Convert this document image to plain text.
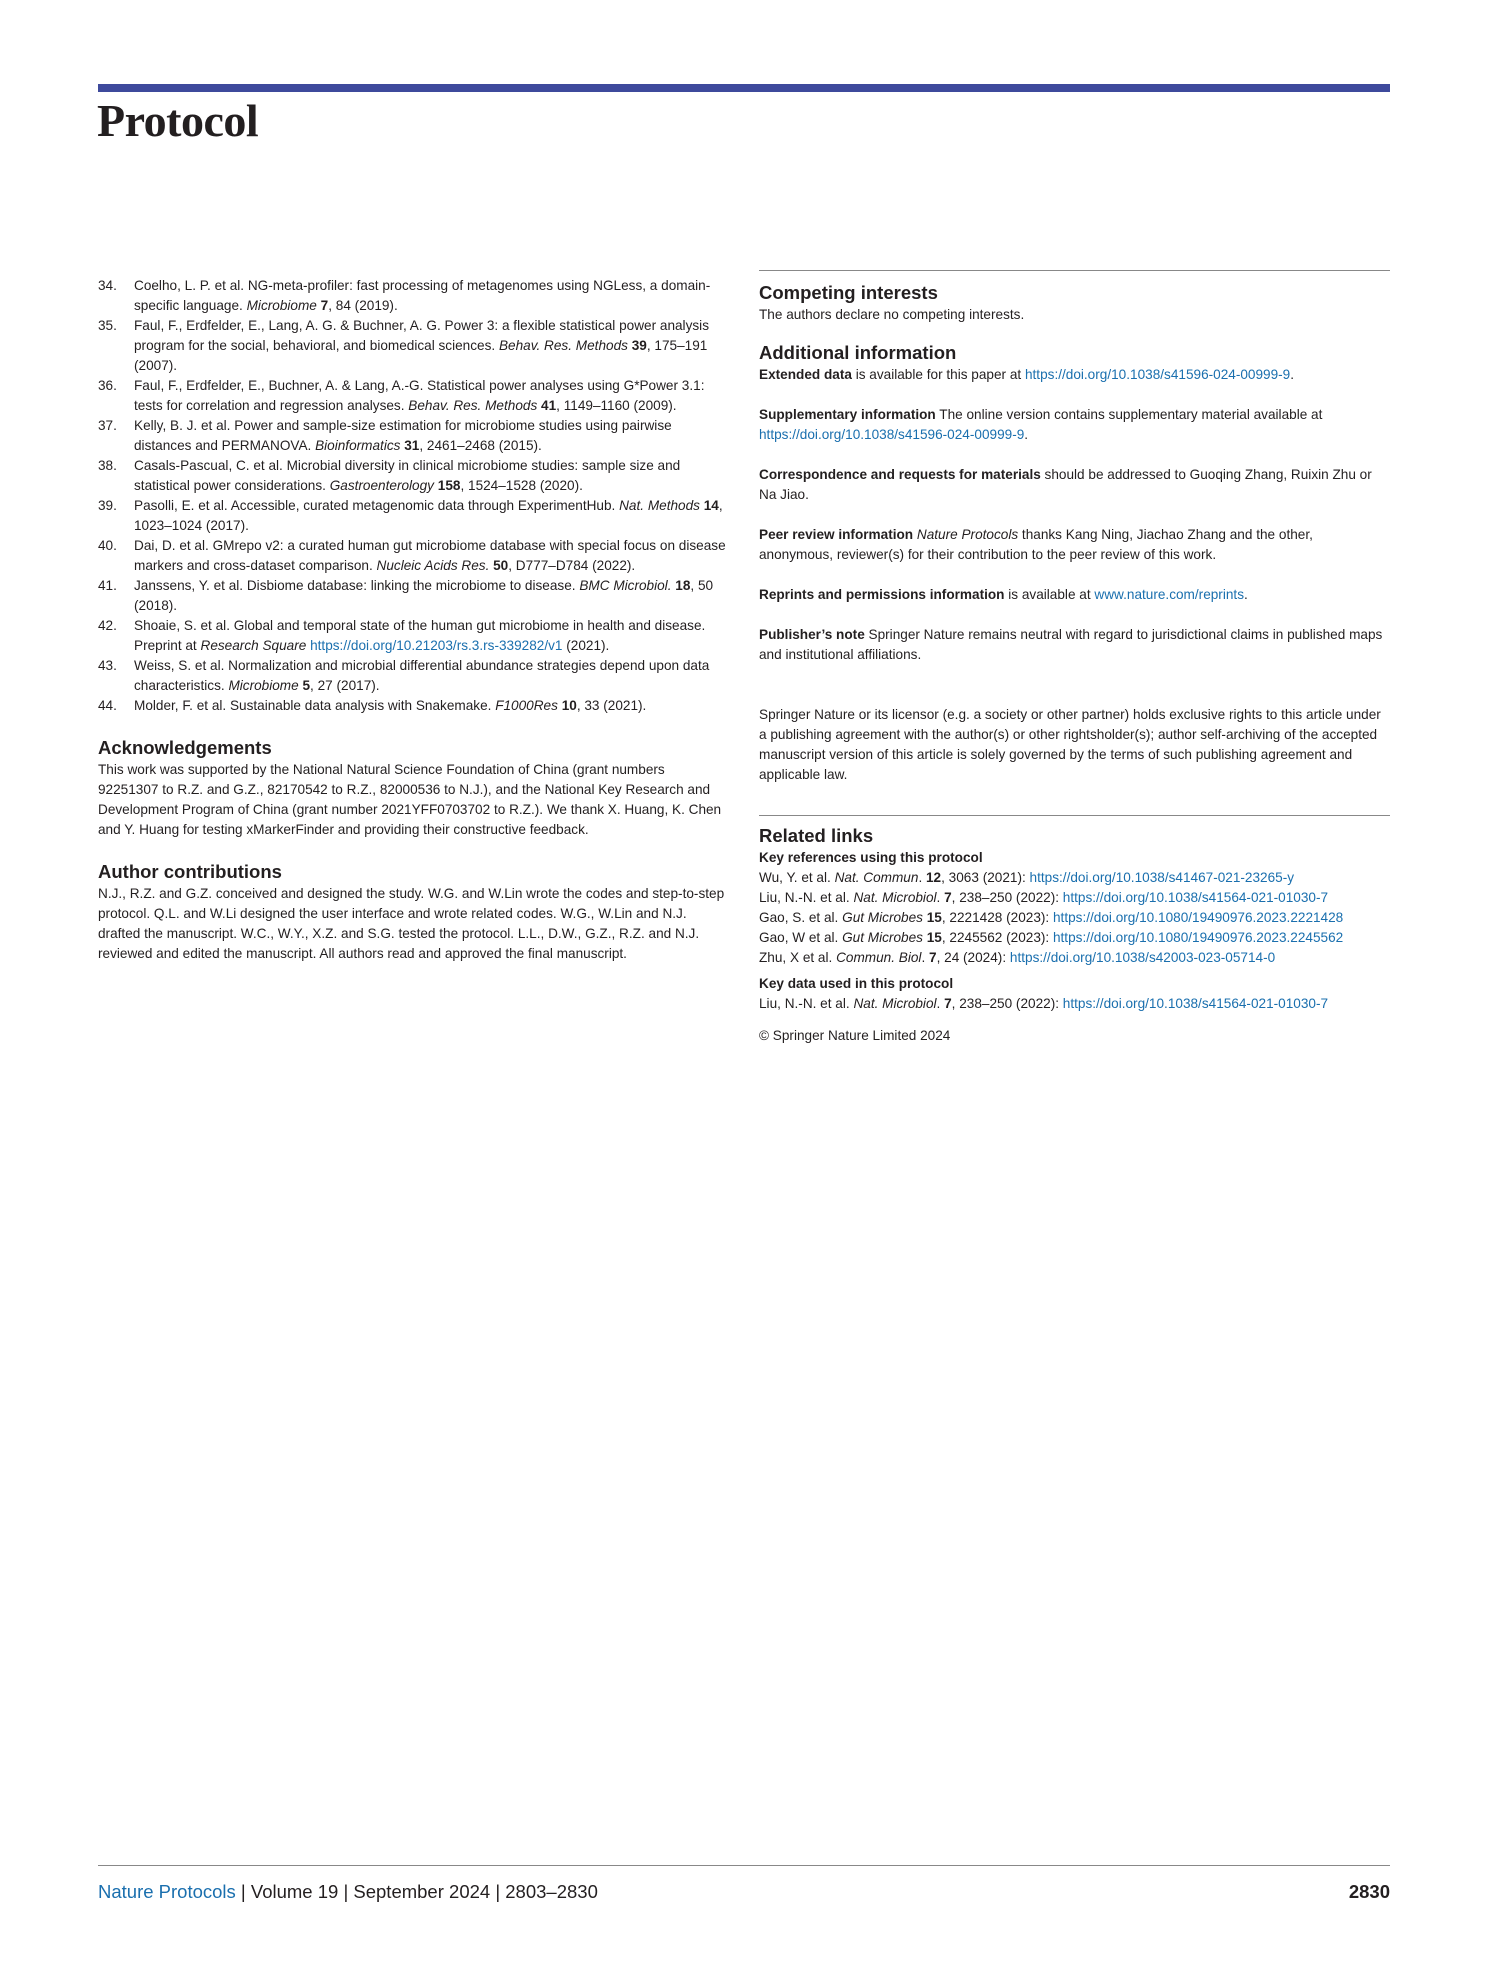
Protocol
34.	Coelho, L. P. et al. NG-meta-profiler: fast processing of metagenomes using NGLess, a domain-specific language. Microbiome 7, 84 (2019).
35.	Faul, F., Erdfelder, E., Lang, A. G. & Buchner, A. G. Power 3: a flexible statistical power analysis program for the social, behavioral, and biomedical sciences. Behav. Res. Methods 39, 175–191 (2007).
36.	Faul, F., Erdfelder, E., Buchner, A. & Lang, A.-G. Statistical power analyses using G*Power 3.1: tests for correlation and regression analyses. Behav. Res. Methods 41, 1149–1160 (2009).
37.	Kelly, B. J. et al. Power and sample-size estimation for microbiome studies using pairwise distances and PERMANOVA. Bioinformatics 31, 2461–2468 (2015).
38.	Casals-Pascual, C. et al. Microbial diversity in clinical microbiome studies: sample size and statistical power considerations. Gastroenterology 158, 1524–1528 (2020).
39.	Pasolli, E. et al. Accessible, curated metagenomic data through ExperimentHub. Nat. Methods 14, 1023–1024 (2017).
40.	Dai, D. et al. GMrepo v2: a curated human gut microbiome database with special focus on disease markers and cross-dataset comparison. Nucleic Acids Res. 50, D777–D784 (2022).
41.	Janssens, Y. et al. Disbiome database: linking the microbiome to disease. BMC Microbiol. 18, 50 (2018).
42.	Shoaie, S. et al. Global and temporal state of the human gut microbiome in health and disease. Preprint at Research Square https://doi.org/10.21203/rs.3.rs-339282/v1 (2021).
43.	Weiss, S. et al. Normalization and microbial differential abundance strategies depend upon data characteristics. Microbiome 5, 27 (2017).
44.	Molder, F. et al. Sustainable data analysis with Snakemake. F1000Res 10, 33 (2021).
Acknowledgements

This work was supported by the National Natural Science Foundation of China (grant numbers 92251307 to R.Z. and G.Z., 82170542 to R.Z., 82000536 to N.J.), and the National Key Research and Development Program of China (grant number 2021YFF0703702 to R.Z.). We thank X. Huang, K. Chen and Y. Huang for testing xMarkerFinder and providing their constructive feedback.

Author contributions

N.J., R.Z. and G.Z. conceived and designed the study. W.G. and W.Lin wrote the codes and step-to-step protocol. Q.L. and W.Li designed the user interface and wrote related codes. W.G., W.Lin and N.J. drafted the manuscript. W.C., W.Y., X.Z. and S.G. tested the protocol. L.L., D.W., G.Z., R.Z. and N.J. reviewed and edited the manuscript. All authors read and approved the final manuscript.

Competing interests

The authors declare no competing interests.

Additional information

Extended data is available for this paper at https://doi.org/10.1038/s41596-024-00999-9.

Supplementary information The online version contains supplementary material available at https://doi.org/10.1038/s41596-024-00999-9.

Correspondence and requests for materials should be addressed to Guoqing Zhang, Ruixin Zhu or Na Jiao.

Peer review information Nature Protocols thanks Kang Ning, Jiachao Zhang and the other, anonymous, reviewer(s) for their contribution to the peer review of this work.

Reprints and permissions information is available at www.nature.com/reprints.

Publisher’s note Springer Nature remains neutral with regard to jurisdictional claims in published maps and institutional affiliations.

Springer Nature or its licensor (e.g. a society or other partner) holds exclusive rights to this article under a publishing agreement with the author(s) or other rightsholder(s); author self-archiving of the accepted manuscript version of this article is solely governed by the terms of such publishing agreement and applicable law.

Related links

Key references using this protocol

Wu, Y. et al. Nat. Commun. 12, 3063 (2021): https://doi.org/10.1038/s41467-021-23265-y
Liu, N.-N. et al. Nat. Microbiol. 7, 238–250 (2022): https://doi.org/10.1038/s41564-021-01030-7
Gao, S. et al. Gut Microbes 15, 2221428 (2023): https://doi.org/10.1080/19490976.2023.2221428
Gao, W et al. Gut Microbes 15, 2245562 (2023): https://doi.org/10.1080/19490976.2023.2245562
Zhu, X et al. Commun. Biol. 7, 24 (2024): https://doi.org/10.1038/s42003-023-05714-0

Key data used in this protocol

Liu, N.-N. et al. Nat. Microbiol. 7, 238–250 (2022): https://doi.org/10.1038/s41564-021-01030-7

© Springer Nature Limited 2024

Nature Protocols | Volume 19 | September 2024 | 2803–2830	2830
